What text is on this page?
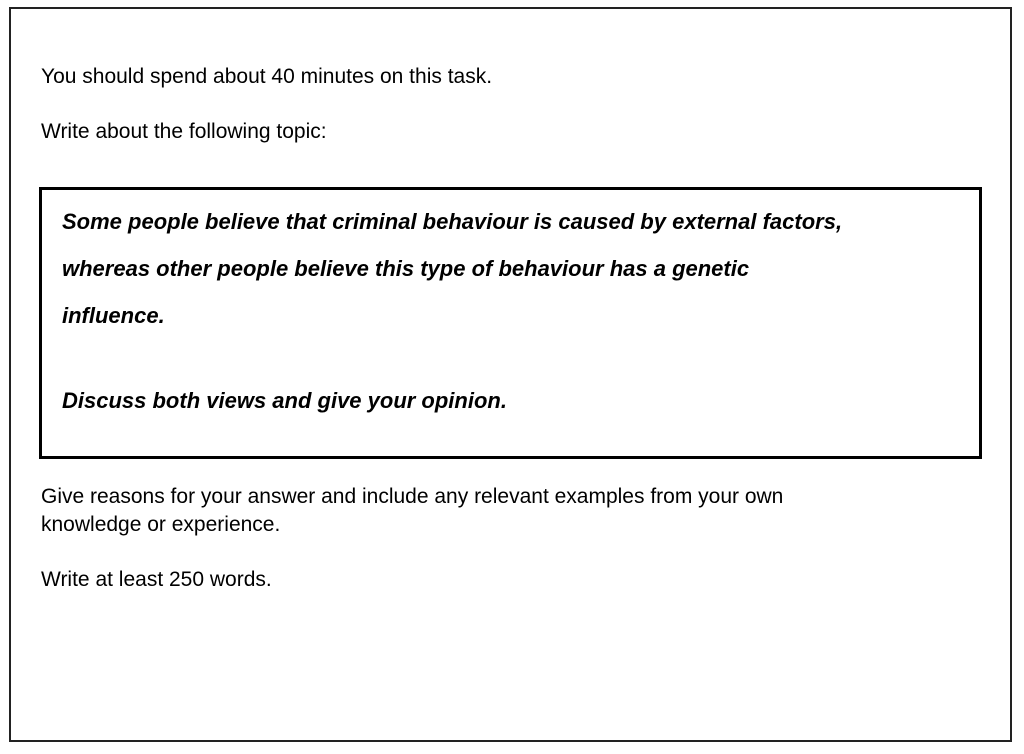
You should spend about 40 minutes on this task.

Write about the following topic:

Some people believe that criminal behaviour is caused by external factors,
whereas other people believe this type of behaviour has a genetic
influence.

Discuss both views and give your opinion.

Give reasons for your answer and include any relevant examples from your own
knowledge or experience.

Write at least 250 words.
